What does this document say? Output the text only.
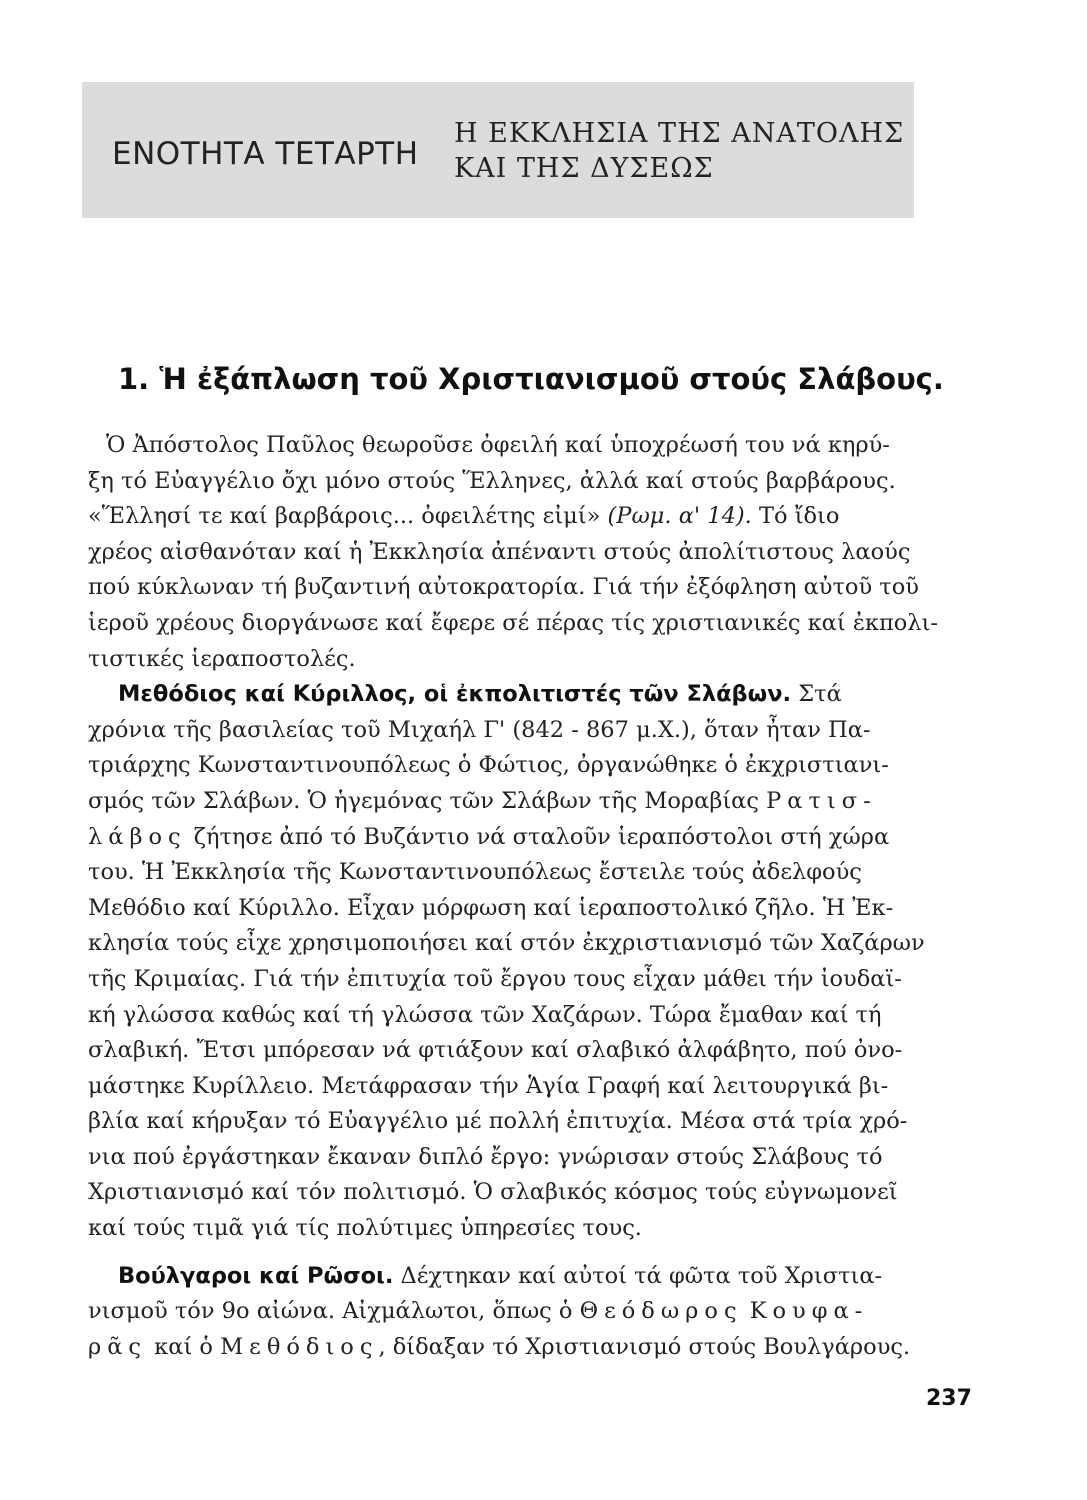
ΕΝΟΤΗΤΑ ΤΕΤΑΡΤΗ
Η ΕΚΚΛΗΣΙΑ ΤΗΣ ΑΝΑΤΟΛΗΣ
ΚΑΙ ΤΗΣ ΔΥΣΕΩΣ
1. Ἡ ἐξάπλωση τοῦ Χριστιανισμοῦ στούς Σλάβους.
Ὁ Ἀπόστολος Παῦλος θεωροῦσε ὀφειλή καί ὑποχρέωσή του νά κηρύ-
ξη τό Εὐαγγέλιο ὄχι μόνο στούς Ἕλληνες, ἀλλά καί στούς βαρβάρους.
«Ἕλλησί τε καί βαρβάροις... ὀφειλέτης εἰμί» (Ρωμ. α' 14). Τό ἴδιο
χρέος αἰσθανόταν καί ἡ Ἐκκλησία ἀπέναντι στούς ἀπολίτιστους λαούς
πού κύκλωναν τή βυζαντινή αὐτοκρατορία. Γιά τήν ἐξόφληση αὐτοῦ τοῦ
ἱεροῦ χρέους διοργάνωσε καί ἔφερε σέ πέρας τίς χριστιανικές καί ἐκπολι-
τιστικές ἱεραποστολές.
Μεθόδιος καί Κύριλλος, οἱ ἐκπολιτιστές τῶν Σλάβων. Στά
χρόνια τῆς βασιλείας τοῦ Μιχαήλ Γ' (842 - 867 μ.Χ.), ὅταν ἦταν Πα-
τριάρχης Κωνσταντινουπόλεως ὁ Φώτιος, ὀργανώθηκε ὁ ἐκχριστιανι-
σμός τῶν Σλάβων. Ὁ ἡγεμόνας τῶν Σλάβων τῆς Μοραβίας Ρατισ-
λάβος ζήτησε ἀπό τό Βυζάντιο νά σταλοῦν ἱεραπόστολοι στή χώρα
του. Ἡ Ἐκκλησία τῆς Κωνσταντινουπόλεως ἔστειλε τούς ἀδελφούς
Μεθόδιο καί Κύριλλο. Εἶχαν μόρφωση καί ἱεραποστολικό ζῆλο. Ἡ Ἐκ-
κλησία τούς εἶχε χρησιμοποιήσει καί στόν ἐκχριστιανισμό τῶν Χαζάρων
τῆς Κριμαίας. Γιά τήν ἐπιτυχία τοῦ ἔργου τους εἶχαν μάθει τήν ἰουδαϊ-
κή γλώσσα καθώς καί τή γλώσσα τῶν Χαζάρων. Τώρα ἔμαθαν καί τή
σλαβική. Ἔτσι μπόρεσαν νά φτιάξουν καί σλαβικό ἀλφάβητο, πού ὀνο-
μάστηκε Κυρίλλειο. Μετάφρασαν τήν Ἁγία Γραφή καί λειτουργικά βι-
βλία καί κήρυξαν τό Εὐαγγέλιο μέ πολλή ἐπιτυχία. Μέσα στά τρία χρό-
νια πού ἐργάστηκαν ἔκαναν διπλό ἔργο: γνώρισαν στούς Σλάβους τό
Χριστιανισμό καί τόν πολιτισμό. Ὁ σλαβικός κόσμος τούς εὐγνωμονεῖ
καί τούς τιμᾶ γιά τίς πολύτιμες ὑπηρεσίες τους.
Βούλγαροι καί Ρῶσοι. Δέχτηκαν καί αὐτοί τά φῶτα τοῦ Χριστια-
νισμοῦ τόν 9ο αἰώνα. Αἰχμάλωτοι, ὅπως ὁ Θεόδωρος Κουφα-
ρᾶς καί ὁ Μεθόδιος, δίδαξαν τό Χριστιανισμό στούς Βουλγάρους.
237
